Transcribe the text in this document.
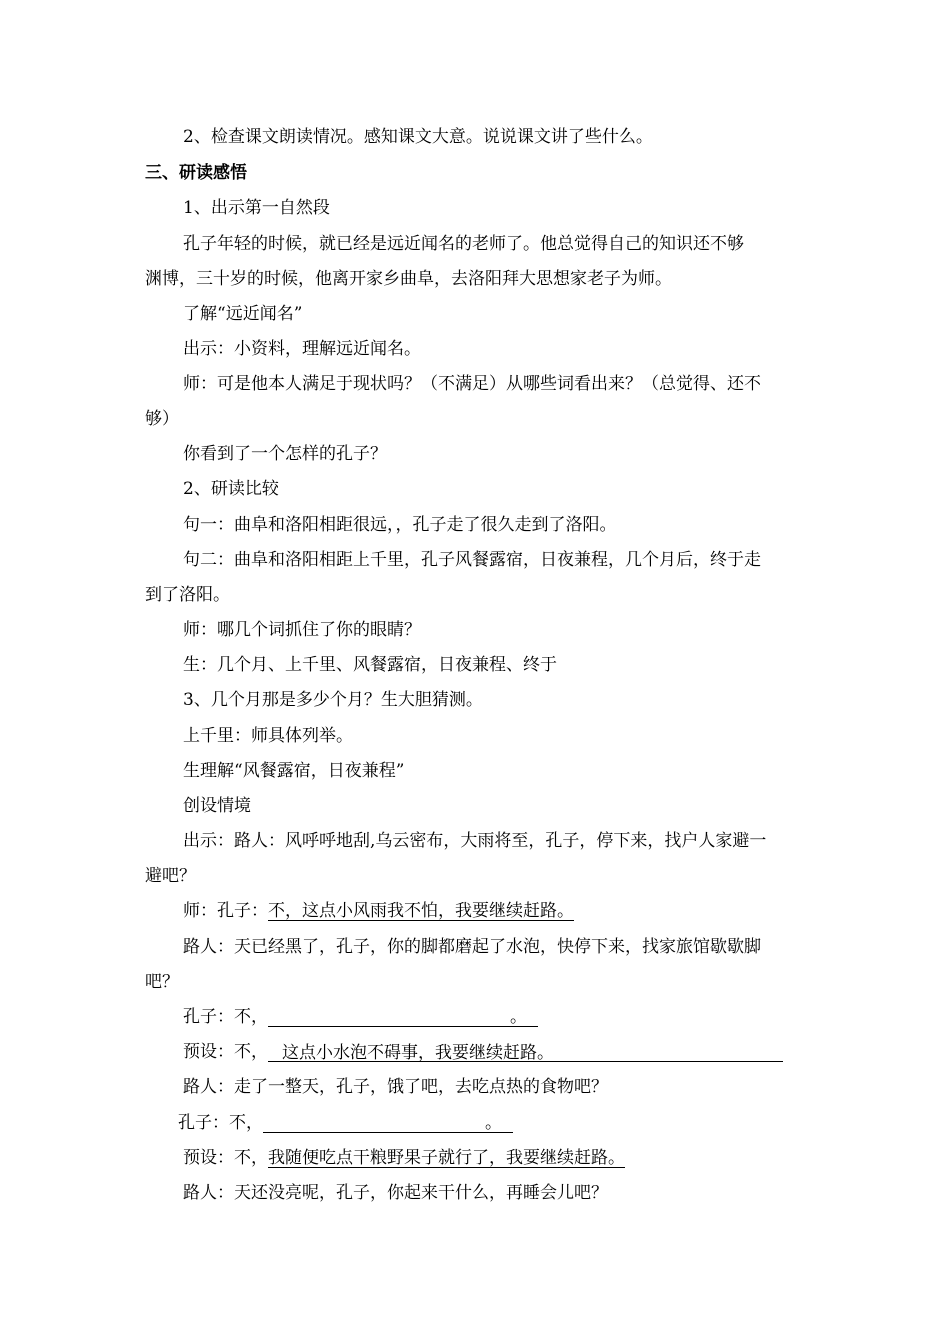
2、检查课文朗读情况。感知课文大意。说说课文讲了些什么。
三、研读感悟
1、出示第一自然段
孔子年轻的时候，就已经是远近闻名的老师了。他总觉得自己的知识还不够
渊博，三十岁的时候，他离开家乡曲阜，去洛阳拜大思想家老子为师。
了解“远近闻名”
出示：小资料，理解远近闻名。
师：可是他本人满足于现状吗？（不满足）从哪些词看出来？（总觉得、还不
够）
你看到了一个怎样的孔子？
2、研读比较
句一：曲阜和洛阳相距很远，，孔子走了很久走到了洛阳。
句二：曲阜和洛阳相距上千里，孔子风餐露宿，日夜兼程，几个月后，终于走
到了洛阳。
师：哪几个词抓住了你的眼睛？
生：几个月、上千里、风餐露宿，日夜兼程、终于
3、几个月那是多少个月？生大胆猜测。
上千里：师具体列举。
生理解“风餐露宿，日夜兼程”
创设情境
出示：路人：风呼呼地刮,乌云密布，大雨将至，孔子，停下来，找户人家避一
避吧？
师：孔子：不，这点小风雨我不怕，我要继续赶路。
路人：天已经黑了，孔子，你的脚都磨起了水泡，快停下来，找家旅馆歇歇脚
吧？
孔子：不，	。
预设：不， 这点小水泡不碍事，我要继续赶路。
路人：走了一整天，孔子，饿了吧，去吃点热的食物吧？
孔子：不，	。
预设：不，我随便吃点干粮野果子就行了，我要继续赶路。
路人：天还没亮呢，孔子，你起来干什么，再睡会儿吧？
